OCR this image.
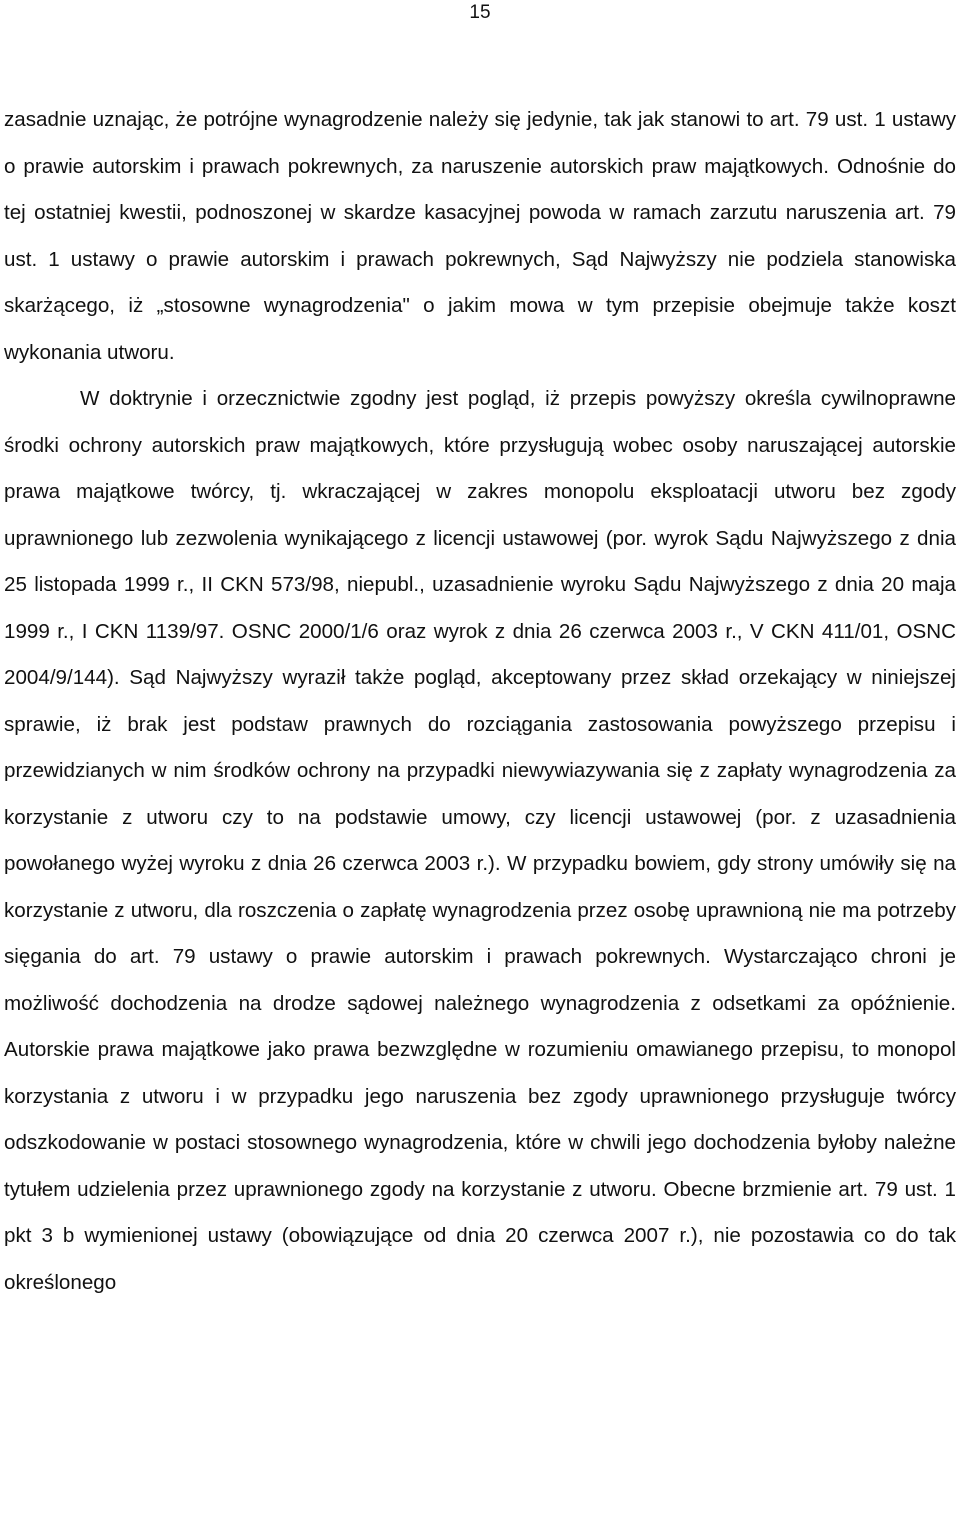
15

zasadnie uznając, że potrójne wynagrodzenie należy się jedynie, tak jak stanowi to art. 79 ust. 1 ustawy o prawie autorskim i prawach pokrewnych, za naruszenie autorskich praw majątkowych. Odnośnie do tej ostatniej kwestii, podnoszonej w skardze kasacyjnej powoda w ramach zarzutu naruszenia art. 79 ust. 1 ustawy o prawie autorskim i prawach pokrewnych, Sąd Najwyższy nie podziela stanowiska skarżącego, iż „stosowne wynagrodzenia" o jakim mowa w tym przepisie obejmuje także koszt wykonania utworu.

W doktrynie i orzecznictwie zgodny jest pogląd, iż przepis powyższy określa cywilnoprawne środki ochrony autorskich praw majątkowych, które przysługują wobec osoby naruszającej autorskie prawa majątkowe twórcy, tj. wkraczającej w zakres monopolu eksploatacji utworu bez zgody uprawnionego lub zezwolenia wynikającego z licencji ustawowej (por. wyrok Sądu Najwyższego z dnia 25 listopada 1999 r., II CKN 573/98, niepubl., uzasadnienie wyroku Sądu Najwyższego z dnia 20 maja 1999 r., I CKN 1139/97. OSNC 2000/1/6 oraz wyrok z dnia 26 czerwca 2003 r., V CKN 411/01, OSNC 2004/9/144). Sąd Najwyższy wyraził także pogląd, akceptowany przez skład orzekający w niniejszej sprawie, iż brak jest podstaw prawnych do rozciągania zastosowania powyższego przepisu i przewidzianych w nim środków ochrony na przypadki niewywiazywania się z zapłaty wynagrodzenia za korzystanie z utworu czy to na podstawie umowy, czy licencji ustawowej (por. z uzasadnienia powołanego wyżej wyroku z dnia 26 czerwca 2003 r.). W przypadku bowiem, gdy strony umówiły się na korzystanie z utworu, dla roszczenia o zapłatę wynagrodzenia przez osobę uprawnioną nie ma potrzeby sięgania do art. 79 ustawy o prawie autorskim i prawach pokrewnych. Wystarczająco chroni je możliwość dochodzenia na drodze sądowej należnego wynagrodzenia z odsetkami za opóźnienie. Autorskie prawa majątkowe jako prawa bezwzględne w rozumieniu omawianego przepisu, to monopol korzystania z utworu i w przypadku jego naruszenia bez zgody uprawnionego przysługuje twórcy odszkodowanie w postaci stosownego wynagrodzenia, które w chwili jego dochodzenia byłoby należne tytułem udzielenia przez uprawnionego zgody na korzystanie z utworu. Obecne brzmienie art. 79 ust. 1 pkt 3 b wymienionej ustawy (obowiązujące od dnia 20 czerwca 2007 r.), nie pozostawia co do tak określonego
